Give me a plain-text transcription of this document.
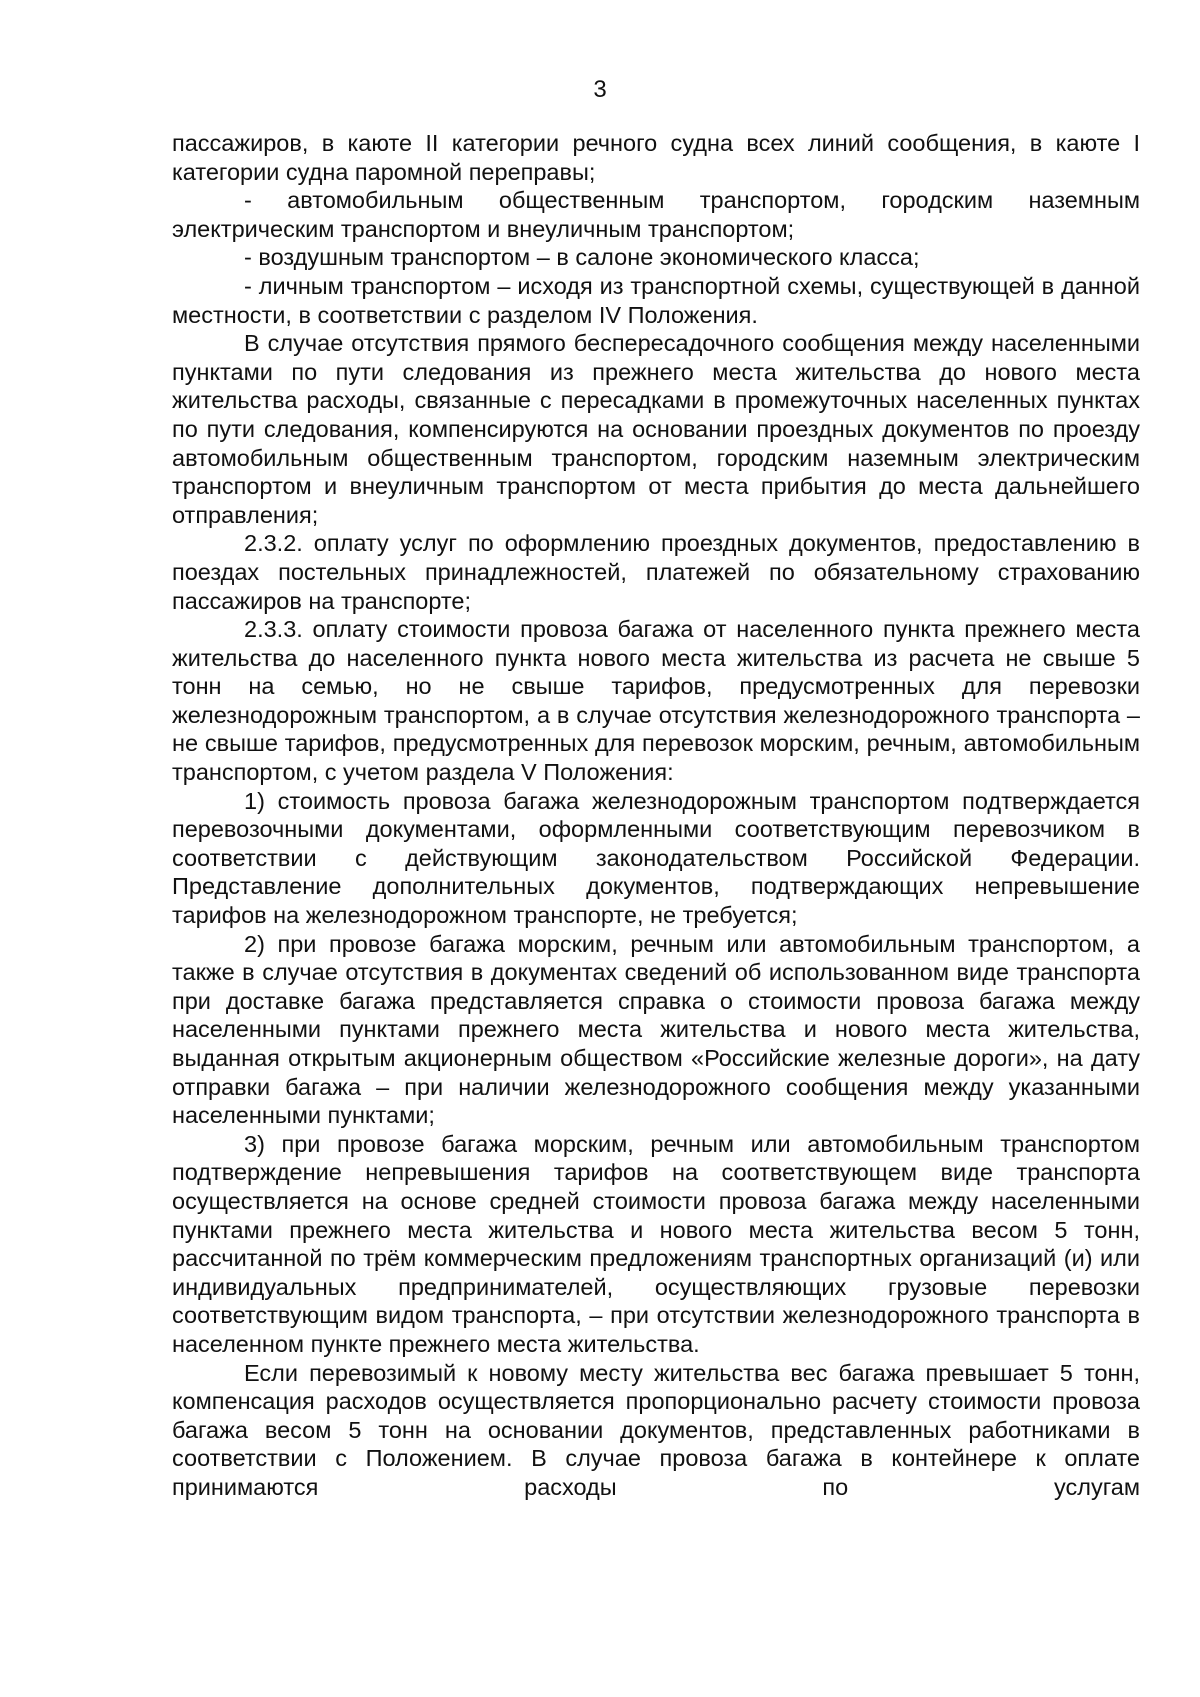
3

пассажиров, в каюте II категории речного судна всех линий сообщения, в каюте I категории судна паромной переправы;

- автомобильным общественным транспортом, городским наземным электрическим транспортом и внеуличным транспортом;

- воздушным транспортом – в салоне экономического класса;

- личным транспортом – исходя из транспортной схемы, существующей в данной местности, в соответствии с разделом IV Положения.

В случае отсутствия прямого беспересадочного сообщения между населенными пунктами по пути следования из прежнего места жительства до нового места жительства расходы, связанные с пересадками в промежуточных населенных пунктах по пути следования, компенсируются на основании проездных документов по проезду автомобильным общественным транспортом, городским наземным электрическим транспортом и внеуличным транспортом от места прибытия до места дальнейшего отправления;

2.3.2. оплату услуг по оформлению проездных документов, предоставлению в поездах постельных принадлежностей, платежей по обязательному страхованию пассажиров на транспорте;

2.3.3. оплату стоимости провоза багажа от населенного пункта прежнего места жительства до населенного пункта нового места жительства из расчета не свыше 5 тонн на семью, но не свыше тарифов, предусмотренных для перевозки железнодорожным транспортом, а в случае отсутствия железнодорожного транспорта – не свыше тарифов, предусмотренных для перевозок морским, речным, автомобильным транспортом, с учетом раздела V Положения:

1) стоимость провоза багажа железнодорожным транспортом подтверждается перевозочными документами, оформленными соответствующим перевозчиком в соответствии с действующим законодательством Российской Федерации. Представление дополнительных документов, подтверждающих непревышение тарифов на железнодорожном транспорте, не требуется;

2) при провозе багажа морским, речным или автомобильным транспортом, а также в случае отсутствия в документах сведений об использованном виде транспорта при доставке багажа представляется справка о стоимости провоза багажа между населенными пунктами прежнего места жительства и нового места жительства, выданная открытым акционерным обществом «Российские железные дороги», на дату отправки багажа – при наличии железнодорожного сообщения между указанными населенными пунктами;

3) при провозе багажа морским, речным или автомобильным транспортом подтверждение непревышения тарифов на соответствующем виде транспорта осуществляется на основе средней стоимости провоза багажа между населенными пунктами прежнего места жительства и нового места жительства весом 5 тонн, рассчитанной по трём коммерческим предложениям транспортных организаций (и) или индивидуальных предпринимателей, осуществляющих грузовые перевозки соответствующим видом транспорта, – при отсутствии железнодорожного транспорта в населенном пункте прежнего места жительства.

Если перевозимый к новому месту жительства вес багажа превышает 5 тонн, компенсация расходов осуществляется пропорционально расчету стоимости провоза багажа весом 5 тонн на основании документов, представленных работниками в соответствии с Положением. В случае провоза багажа в контейнере к оплате принимаются расходы по услугам
